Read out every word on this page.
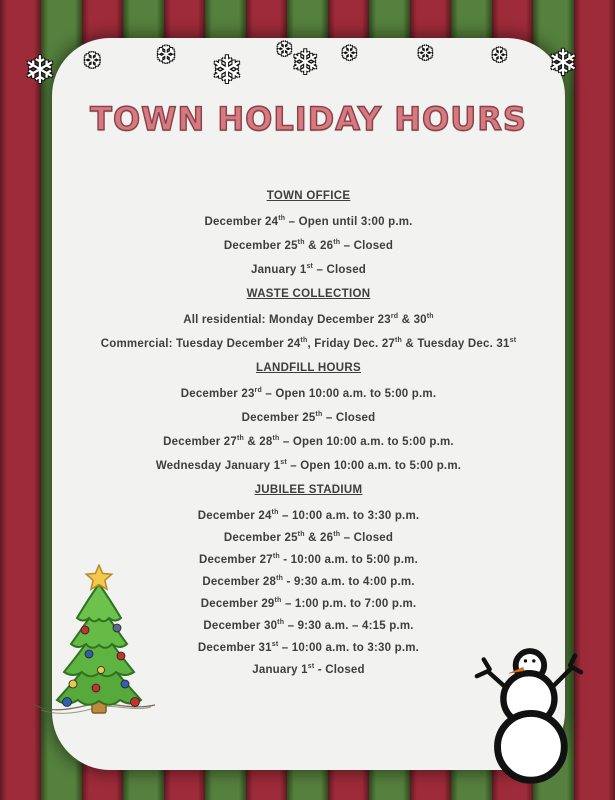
TOWN HOLIDAY HOURS
TOWN OFFICE
December 24th – Open until 3:00 p.m.
December 25th & 26th – Closed
January 1st – Closed
WASTE COLLECTION
All residential: Monday December 23rd & 30th
Commercial: Tuesday December 24th, Friday Dec. 27th & Tuesday Dec. 31st
LANDFILL HOURS
December 23rd – Open 10:00 a.m. to 5:00 p.m.
December 25th – Closed
December 27th & 28th – Open 10:00 a.m. to 5:00 p.m.
Wednesday January 1st – Open 10:00 a.m. to 5:00 p.m.
JUBILEE STADIUM
December 24th – 10:00 a.m. to 3:30 p.m.
December 25th & 26th – Closed
December 27th - 10:00 a.m. to 5:00 p.m.
December 28th - 9:30 a.m. to 4:00 p.m.
December 29th – 1:00 p.m. to 7:00 p.m.
December 30th – 9:30 a.m. – 4:15 p.m.
December 31st – 10:00 a.m. to 3:30 p.m.
January 1st - Closed
❄ ❆ ❆ ❄ ❆
❄ ❆	❆	❆ ❄
